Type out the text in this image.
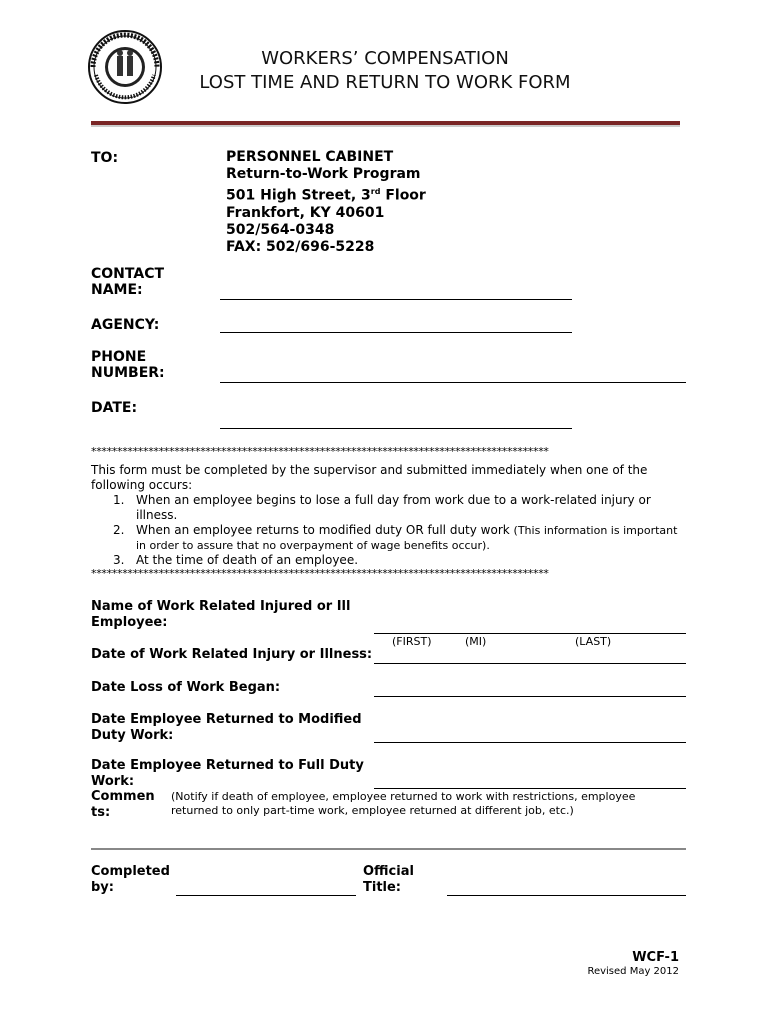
WORKERS’ COMPENSATION
LOST TIME AND RETURN TO WORK FORM
TO:	PERSONNEL CABINET
Return-to-Work Program
501 High Street, 3rd Floor
Frankfort, KY 40601
502/564-0348
FAX: 502/696-5228
CONTACT
NAME:
AGENCY:
PHONE
NUMBER:
DATE:
****************************************************************************************
This form must be completed by the supervisor and submitted immediately when one of the following occurs:
1. When an employee begins to lose a full day from work due to a work-related injury or illness.
2. When an employee returns to modified duty OR full duty work (This information is important in order to assure that no overpayment of wage benefits occur).
3. At the time of death of an employee.
****************************************************************************************
Name of Work Related Injured or Ill
Employee:
(FIRST)	(MI)	(LAST)
Date of Work Related Injury or Illness:
Date Loss of Work Began:
Date Employee Returned to Modified
Duty Work:
Date Employee Returned to Full Duty
Work:
Commen
ts:
(Notify if death of employee, employee returned to work with restrictions, employee
returned to only part-time work, employee returned at different job, etc.)
Completed
by:
Official
Title:
WCF-1
Revised May 2012
